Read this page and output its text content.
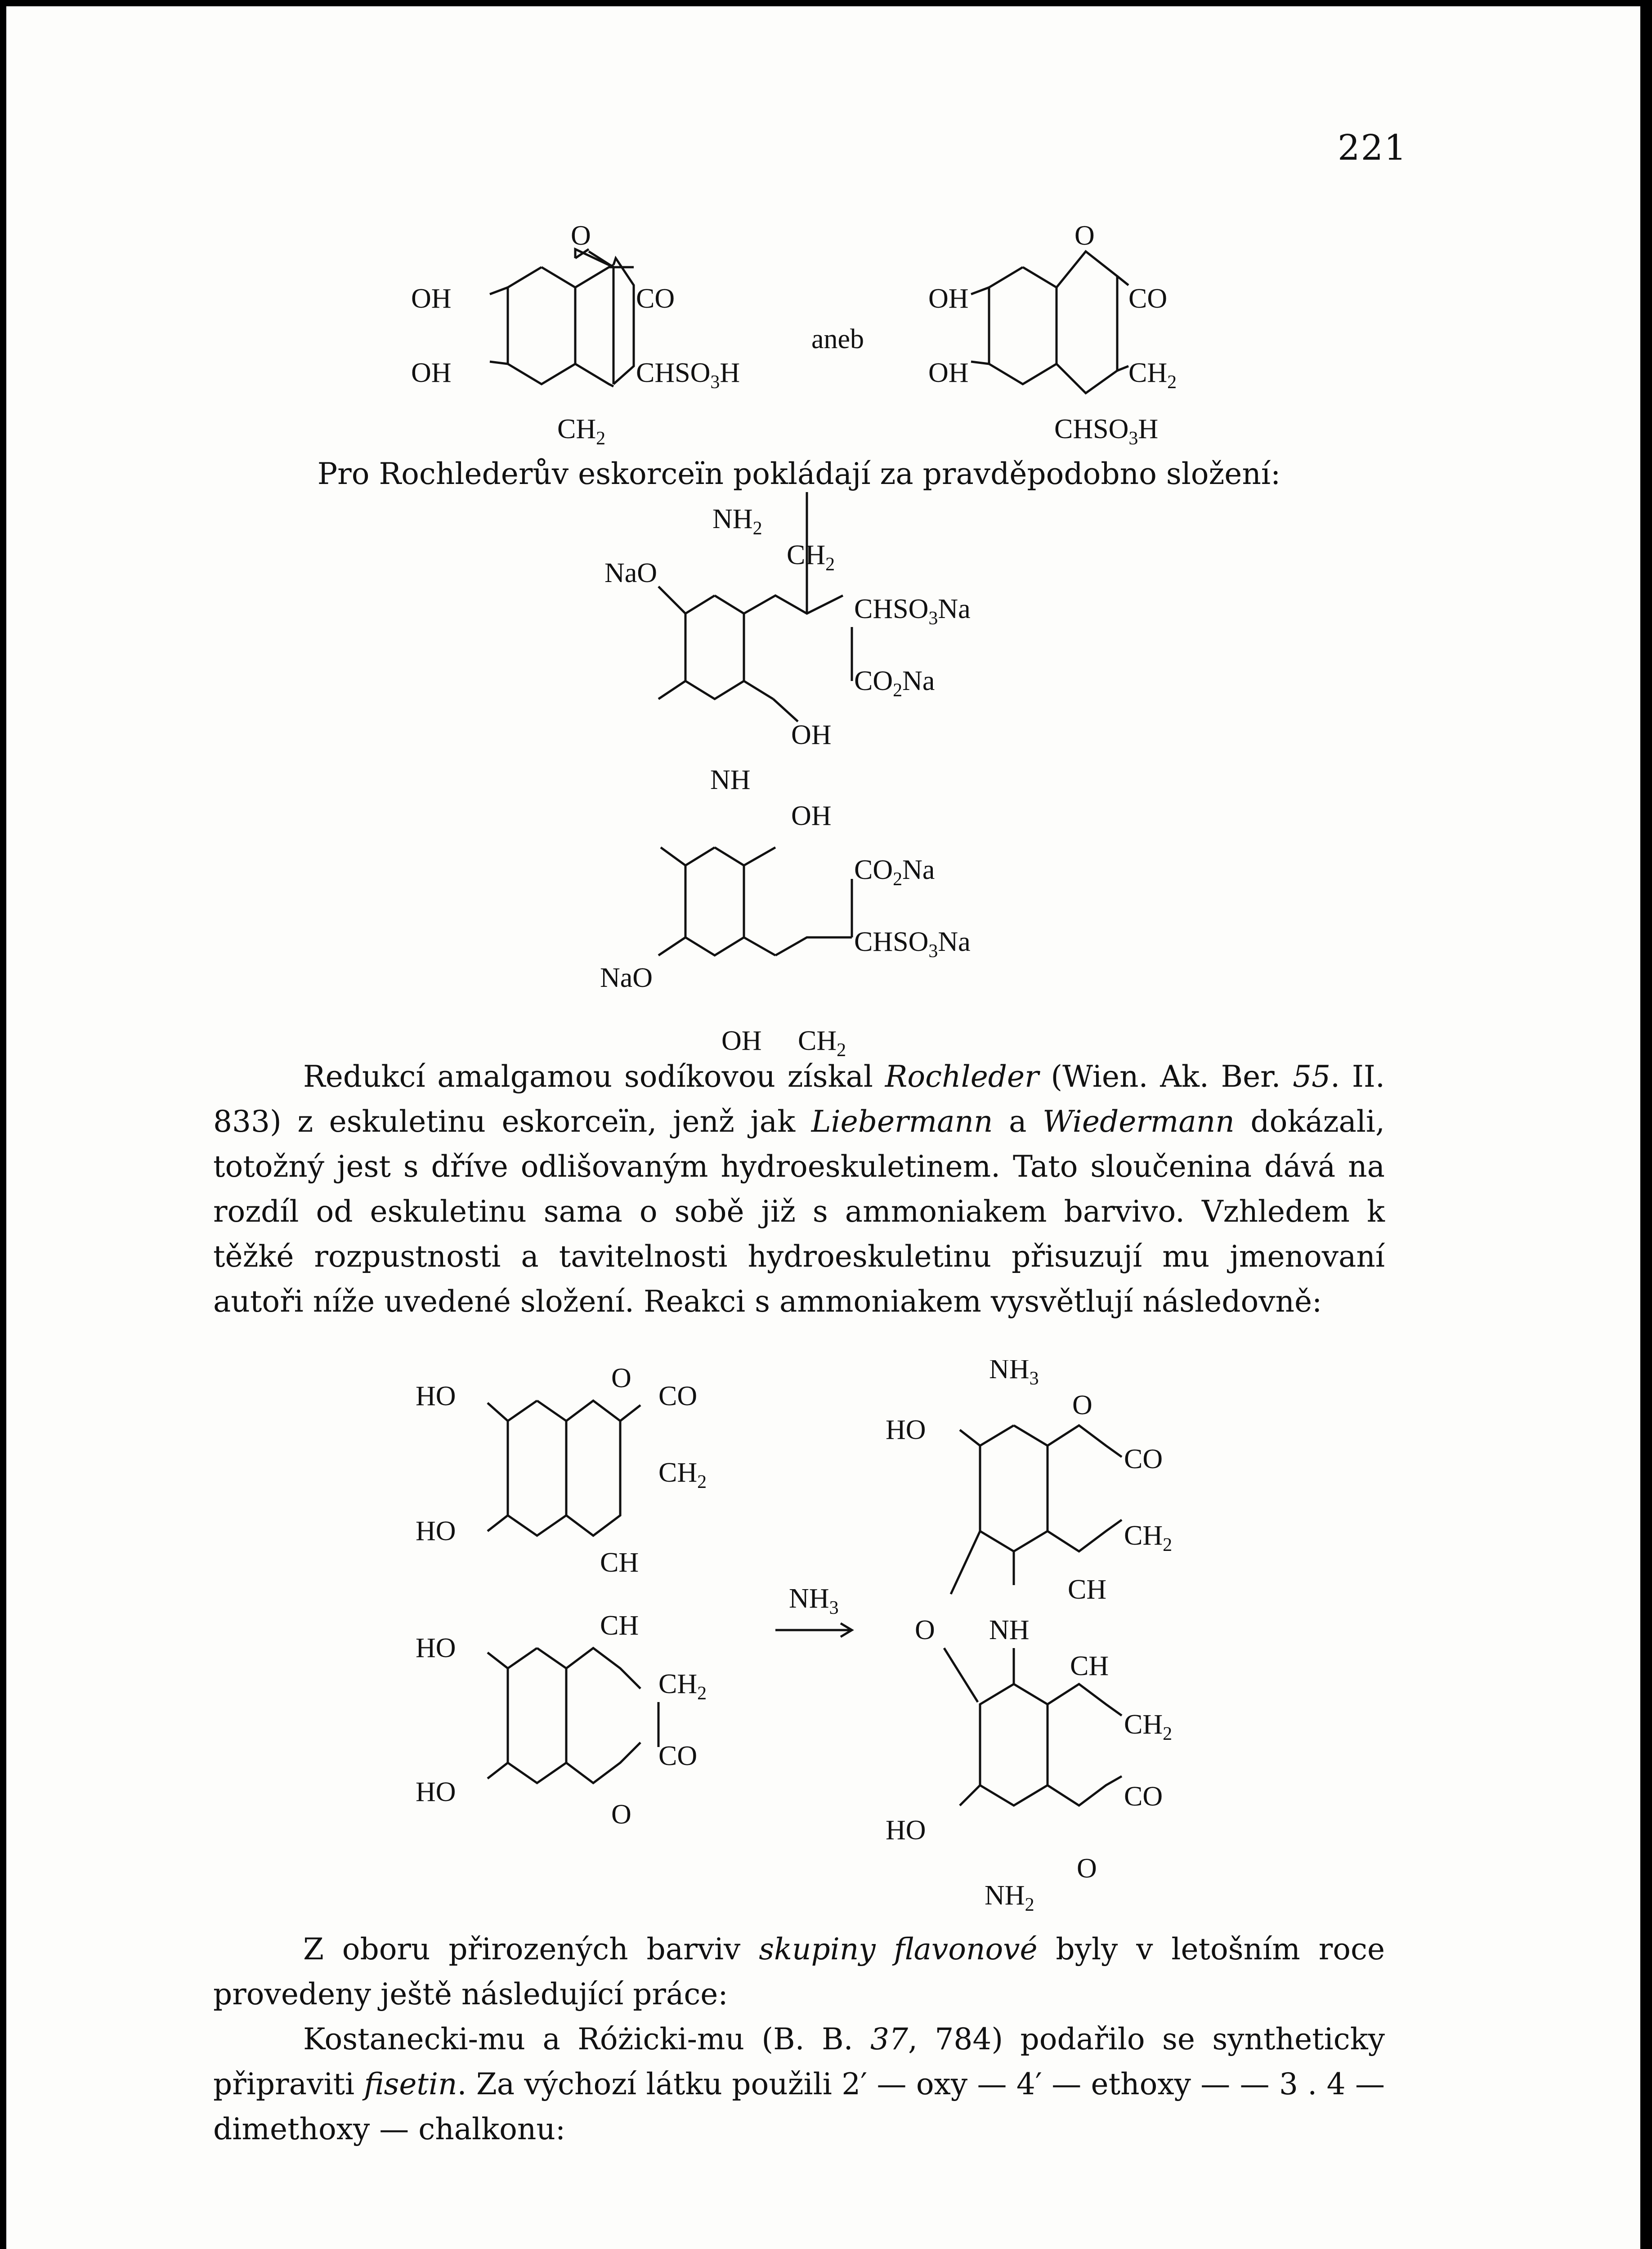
221
O
OH
OH
CO
$CHSO_3H$
$CH_2$
aneb
O
OH
OH
CO
$CH_2$
$CHSO_3H$
Pro Rochlederův eskorceïn pokládají za pravděpodobno složení:
$NH_2$
NaO
$CH_2$
$CHSO_3Na$
$CO_2Na$
OH
NH
OH
$CO_2Na$
$CHSO_3Na$
NaO
OH $CH_2$

Redukcí amalgamou sodíkovou získal Rochleder (Wien. Ak. Ber. 55. II. 833) z eskuletinu eskorceïn, jenž jak Liebermann a Wiedermann dokázali, totožný jest s dříve odlišovaným hydroeskuletinem. Tato sloučenina dává na rozdíl od eskuletinu sama o sobě již s ammoniakem barvivo. Vzhledem k těžké rozpustnosti a tavitelnosti hydroeskuletinu přisuzují mu jmenovaní autoři níže uvedené složení. Reakci s ammoniakem vysvětlují následovně:

HO
HO
O
CO
$CH_2$
CH
HO
HO
CH
$CH_2$
CO
O
$NH_3$
$NH_3$
O
HO
CO
$CH_2$
CH
O NH
CH
$CH_2$
CO
HO
$NH_2$
O

Z oboru přirozených barviv skupiny flavonové byly v letošním roce provedeny ještě následující práce:

Kostanecki-mu a Różicki-mu (B. B. 37, 784) podařilo se syntheticky připraviti fisetin. Za výchozí látku použili 2′ — oxy — 4′ — ethoxy — — 3 . 4 — dimethoxy — chalkonu:
